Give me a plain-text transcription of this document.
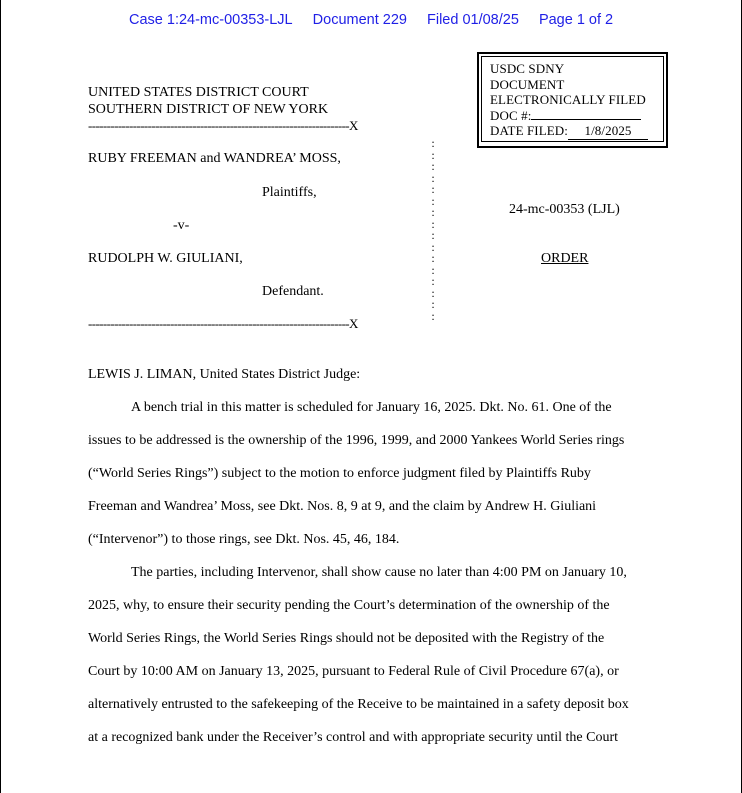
Case 1:24-mc-00353-LJL Document 229 Filed 01/08/25 Page 1 of 2
USDC SDNY
DOCUMENT
ELECTRONICALLY FILED
DOC #:
DATE FILED: 1/8/2025
UNITED STATES DISTRICT COURT
SOUTHERN DISTRICT OF NEW YORK
----------------------------------------------------------------------X
RUBY FREEMAN and WANDREA’ MOSS,
Plaintiffs,
-v-
RUDOLPH W. GIULIANI,
Defendant.
:
:
:
:
:
:
:
:
:
:
:
:
:
:
:
:
----------------------------------------------------------------------X
24-mc-00353 (LJL)
ORDER
LEWIS J. LIMAN, United States District Judge:
A bench trial in this matter is scheduled for January 16, 2025. Dkt. No. 61. One of the
issues to be addressed is the ownership of the 1996, 1999, and 2000 Yankees World Series rings
(“World Series Rings”) subject to the motion to enforce judgment filed by Plaintiffs Ruby
Freeman and Wandrea’ Moss, see Dkt. Nos. 8, 9 at 9, and the claim by Andrew H. Giuliani
(“Intervenor”) to those rings, see Dkt. Nos. 45, 46, 184.
The parties, including Intervenor, shall show cause no later than 4:00 PM on January 10,
2025, why, to ensure their security pending the Court’s determination of the ownership of the
World Series Rings, the World Series Rings should not be deposited with the Registry of the
Court by 10:00 AM on January 13, 2025, pursuant to Federal Rule of Civil Procedure 67(a), or
alternatively entrusted to the safekeeping of the Receive to be maintained in a safety deposit box
at a recognized bank under the Receiver’s control and with appropriate security until the Court
